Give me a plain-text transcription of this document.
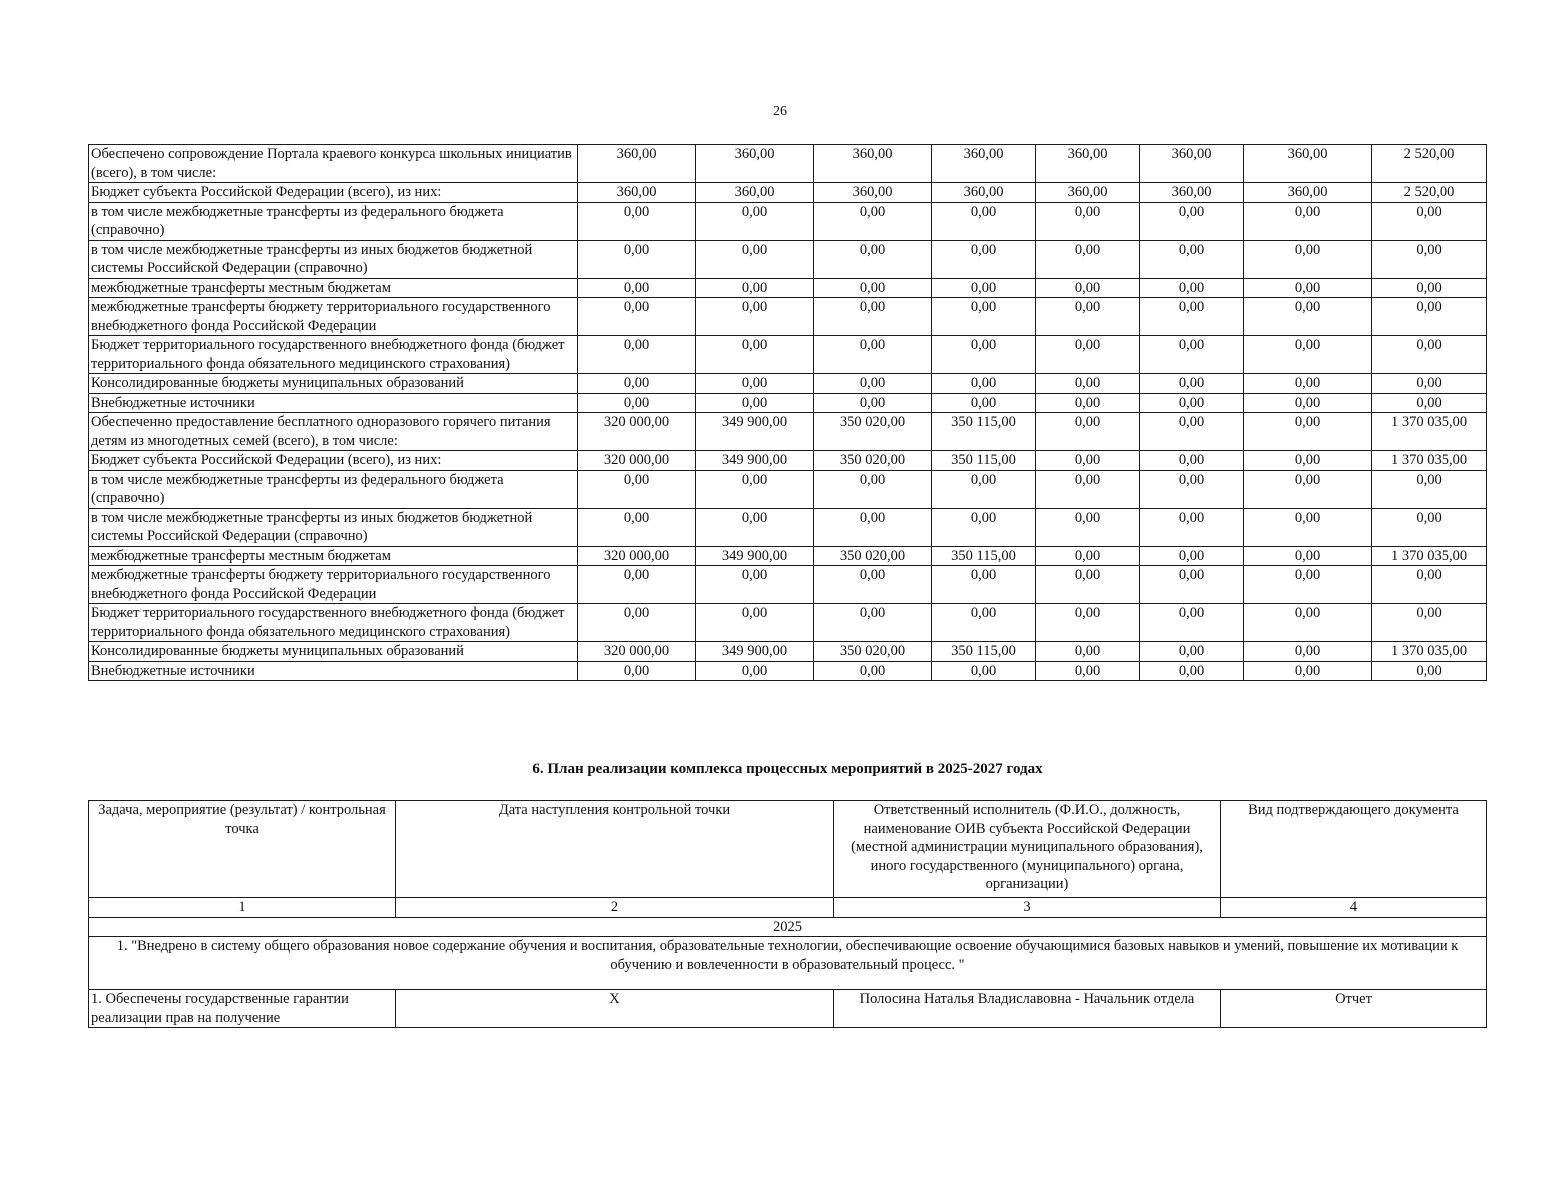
26
Обеспечено сопровождение Портала краевого конкурса школьных инициатив (всего), в том числе:	360,00	360,00	360,00	360,00	360,00	360,00	360,00	2 520,00
Бюджет субъекта Российской Федерации (всего), из них:	360,00	360,00	360,00	360,00	360,00	360,00	360,00	2 520,00
в том числе межбюджетные трансферты из федерального бюджета (справочно)	0,00	0,00	0,00	0,00	0,00	0,00	0,00	0,00
в том числе межбюджетные трансферты из иных бюджетов бюджетной системы Российской Федерации (справочно)	0,00	0,00	0,00	0,00	0,00	0,00	0,00	0,00
межбюджетные трансферты местным бюджетам	0,00	0,00	0,00	0,00	0,00	0,00	0,00	0,00
межбюджетные трансферты бюджету территориального государственного внебюджетного фонда Российской Федерации	0,00	0,00	0,00	0,00	0,00	0,00	0,00	0,00
Бюджет территориального государственного внебюджетного фонда (бюджет территориального фонда обязательного медицинского страхования)	0,00	0,00	0,00	0,00	0,00	0,00	0,00	0,00
Консолидированные бюджеты муниципальных образований	0,00	0,00	0,00	0,00	0,00	0,00	0,00	0,00
Внебюджетные источники	0,00	0,00	0,00	0,00	0,00	0,00	0,00	0,00
Обеспеченно предоставление бесплатного одноразового горячего питания детям из многодетных семей (всего), в том числе:	320 000,00	349 900,00	350 020,00	350 115,00	0,00	0,00	0,00	1 370 035,00
Бюджет субъекта Российской Федерации (всего), из них:	320 000,00	349 900,00	350 020,00	350 115,00	0,00	0,00	0,00	1 370 035,00
в том числе межбюджетные трансферты из федерального бюджета (справочно)	0,00	0,00	0,00	0,00	0,00	0,00	0,00	0,00
в том числе межбюджетные трансферты из иных бюджетов бюджетной системы Российской Федерации (справочно)	0,00	0,00	0,00	0,00	0,00	0,00	0,00	0,00
межбюджетные трансферты местным бюджетам	320 000,00	349 900,00	350 020,00	350 115,00	0,00	0,00	0,00	1 370 035,00
межбюджетные трансферты бюджету территориального государственного внебюджетного фонда Российской Федерации	0,00	0,00	0,00	0,00	0,00	0,00	0,00	0,00
Бюджет территориального государственного внебюджетного фонда (бюджет территориального фонда обязательного медицинского страхования)	0,00	0,00	0,00	0,00	0,00	0,00	0,00	0,00
Консолидированные бюджеты муниципальных образований	320 000,00	349 900,00	350 020,00	350 115,00	0,00	0,00	0,00	1 370 035,00
Внебюджетные источники	0,00	0,00	0,00	0,00	0,00	0,00	0,00	0,00
6. План реализации комплекса процессных мероприятий в 2025-2027 годах
Задача, мероприятие (результат) / контрольная точка	Дата наступления контрольной точки	Ответственный исполнитель (Ф.И.О., должность, наименование ОИВ субъекта Российской Федерации (местной администрации муниципального образования), иного государственного (муниципального) органа, организации)	Вид подтверждающего документа
1	2	3	4
2025			
1. "Внедрено в систему общего образования новое содержание обучения и воспитания, образовательные технологии, обеспечивающие освоение обучающимися базовых навыков и умений, повышение их мотивации к обучению и вовлеченности в образовательный процесс. "			
1. Обеспечены государственные гарантии реализации прав на получение	Х	Полосина Наталья Владиславовна - Начальник отдела	Отчет
